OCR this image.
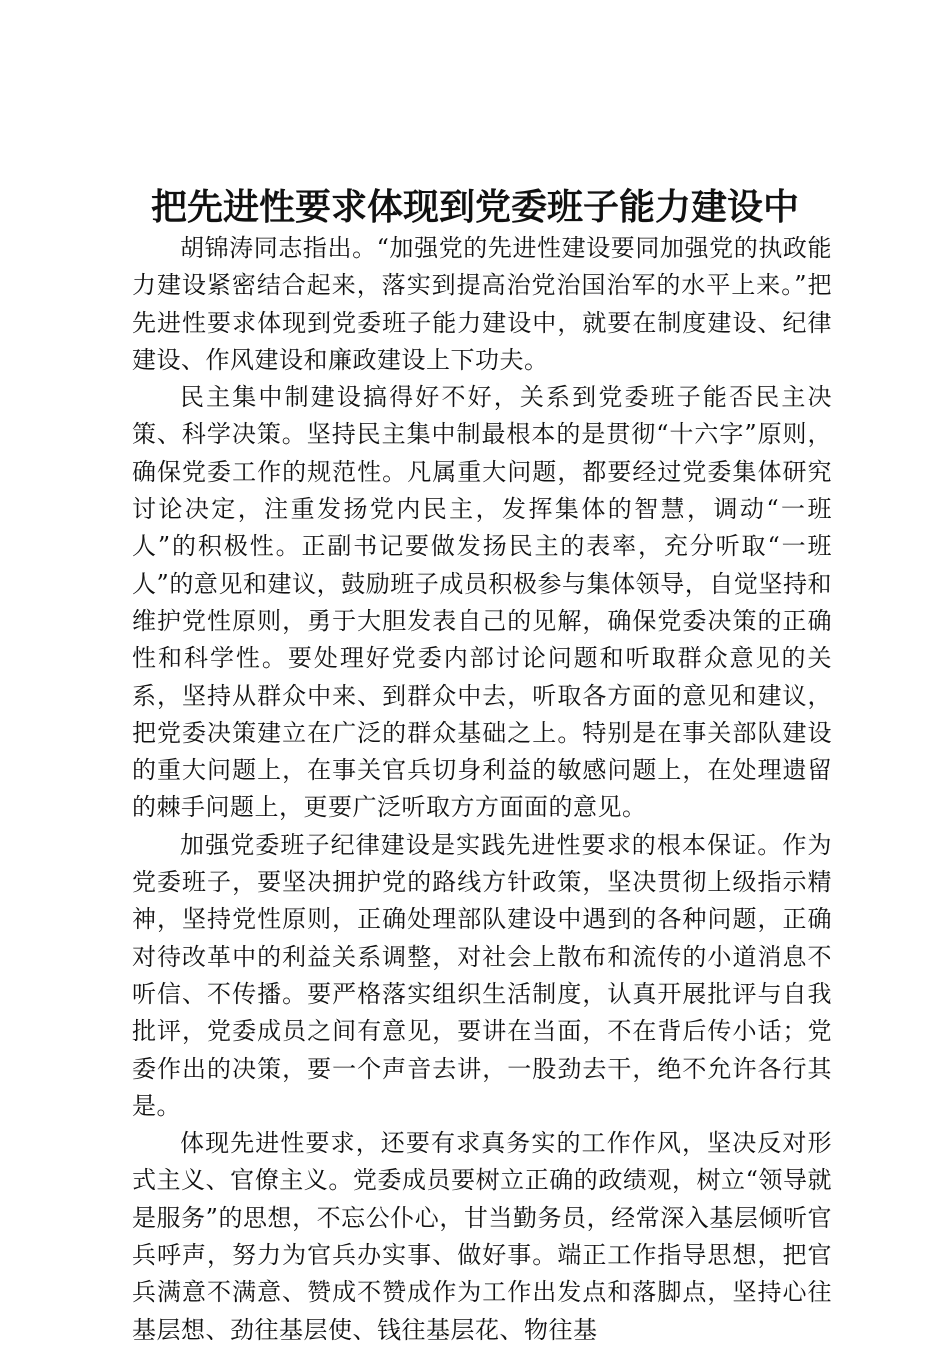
把先进性要求体现到党委班子能力建设中

胡锦涛同志指出。“加强党的先进性建设要同加强党的执政能力建设紧密结合起来，落实到提高治党治国治军的水平上来。”把先进性要求体现到党委班子能力建设中，就要在制度建设、纪律建设、作风建设和廉政建设上下功夫。

民主集中制建设搞得好不好，关系到党委班子能否民主决策、科学决策。坚持民主集中制最根本的是贯彻“十六字”原则，确保党委工作的规范性。凡属重大问题，都要经过党委集体研究讨论决定，注重发扬党内民主，发挥集体的智慧，调动“一班人”的积极性。正副书记要做发扬民主的表率，充分听取“一班人”的意见和建议，鼓励班子成员积极参与集体领导，自觉坚持和维护党性原则，勇于大胆发表自己的见解，确保党委决策的正确性和科学性。要处理好党委内部讨论问题和听取群众意见的关系，坚持从群众中来、到群众中去，听取各方面的意见和建议，把党委决策建立在广泛的群众基础之上。特别是在事关部队建设的重大问题上，在事关官兵切身利益的敏感问题上，在处理遗留的棘手问题上，更要广泛听取方方面面的意见。

加强党委班子纪律建设是实践先进性要求的根本保证。作为党委班子，要坚决拥护党的路线方针政策，坚决贯彻上级指示精神，坚持党性原则，正确处理部队建设中遇到的各种问题，正确对待改革中的利益关系调整，对社会上散布和流传的小道消息不听信、不传播。要严格落实组织生活制度，认真开展批评与自我批评，党委成员之间有意见，要讲在当面，不在背后传小话；党委作出的决策，要一个声音去讲，一股劲去干，绝不允许各行其是。

体现先进性要求，还要有求真务实的工作作风，坚决反对形式主义、官僚主义。党委成员要树立正确的政绩观，树立“领导就是服务”的思想，不忘公仆心，甘当勤务员，经常深入基层倾听官兵呼声，努力为官兵办实事、做好事。端正工作指导思想，把官兵满意不满意、赞成不赞成作为工作出发点和落脚点，坚持心往基层想、劲往基层使、钱往基层花、物往基
